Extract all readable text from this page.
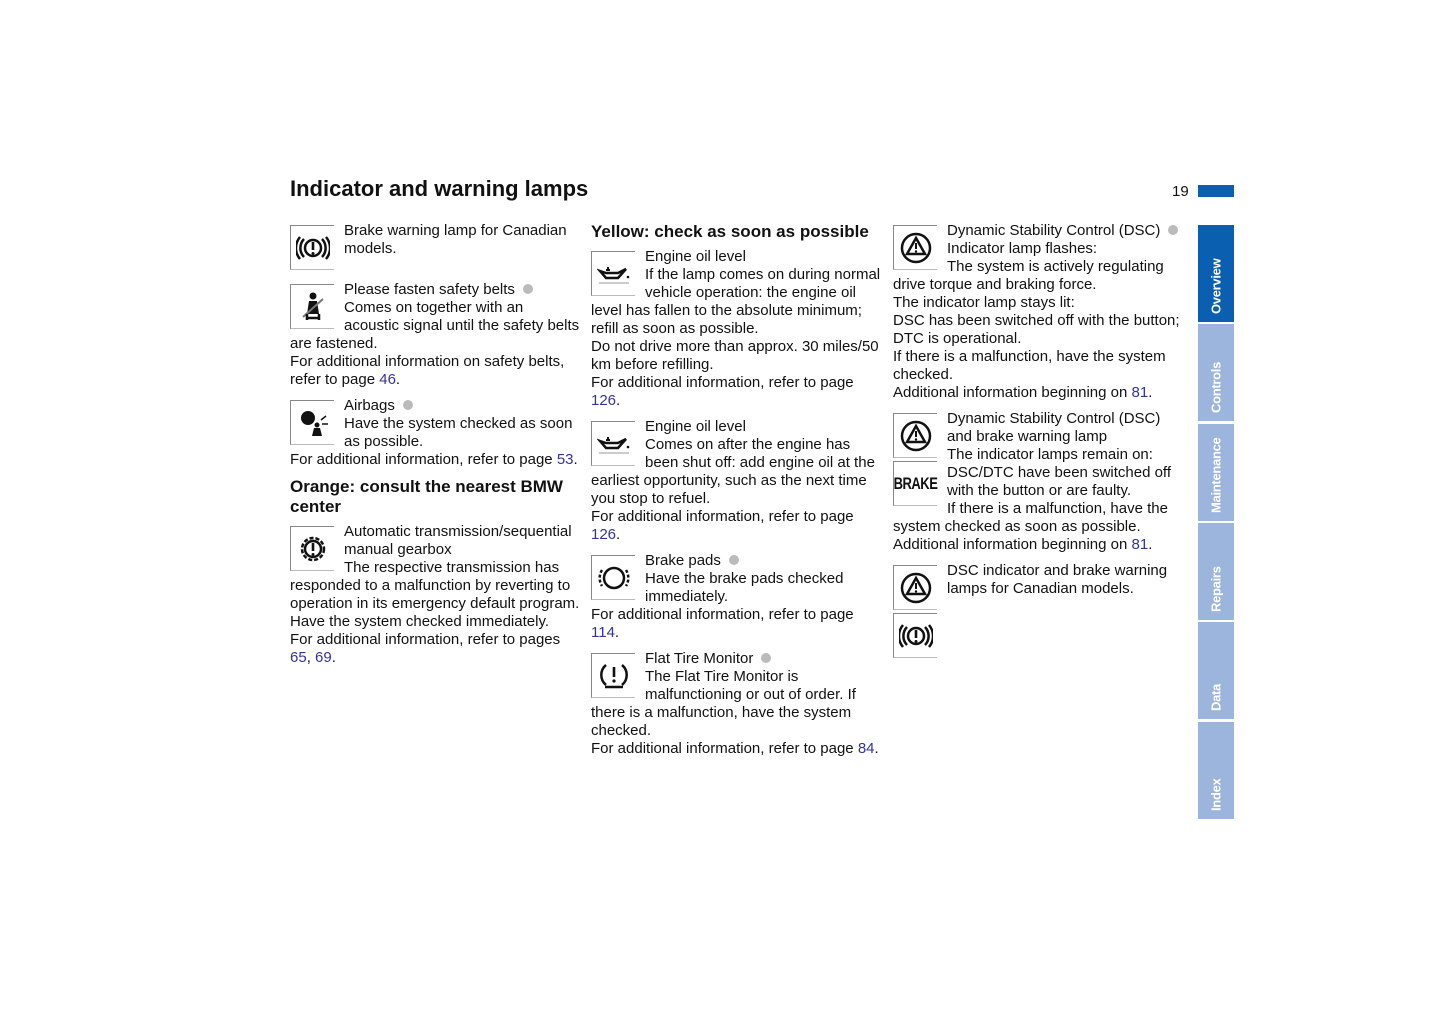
Indicator and warning lamps	19
Brake warning lamp for Canadian models.
Please fasten safety belts
Comes on together with an acoustic signal until the safety belts are fastened.
For additional information on safety belts, refer to page 46.
Airbags
Have the system checked as soon as possible.
For additional information, refer to page 53.
Orange: consult the nearest BMW center
Automatic transmission/sequential manual gearbox
The respective transmission has responded to a malfunction by reverting to operation in its emergency default program. Have the system checked immediately.
For additional information, refer to pages 65, 69.
Yellow: check as soon as possible
Engine oil level
If the lamp comes on during normal vehicle operation: the engine oil level has fallen to the absolute minimum; refill as soon as possible.
Do not drive more than approx. 30 miles/50 km before refilling.
For additional information, refer to page 126.
Engine oil level
Comes on after the engine has been shut off: add engine oil at the earliest opportunity, such as the next time you stop to refuel.
For additional information, refer to page 126.
Brake pads
Have the brake pads checked immediately.
For additional information, refer to page 114.
Flat Tire Monitor
The Flat Tire Monitor is malfunctioning or out of order. If there is a malfunction, have the system checked.
For additional information, refer to page 84.
Dynamic Stability Control (DSC)
Indicator lamp flashes:
The system is actively regulating drive torque and braking force.
The indicator lamp stays lit:
DSC has been switched off with the button; DTC is operational.
If there is a malfunction, have the system checked.
Additional information beginning on 81.
BRAKE
Dynamic Stability Control (DSC) and brake warning lamp
The indicator lamps remain on:
DSC/DTC have been switched off with the button or are faulty.
If there is a malfunction, have the system checked as soon as possible.
Additional information beginning on 81.
DSC indicator and brake warning lamps for Canadian models.
Overview
Controls
Maintenance
Repairs
Data
Index
